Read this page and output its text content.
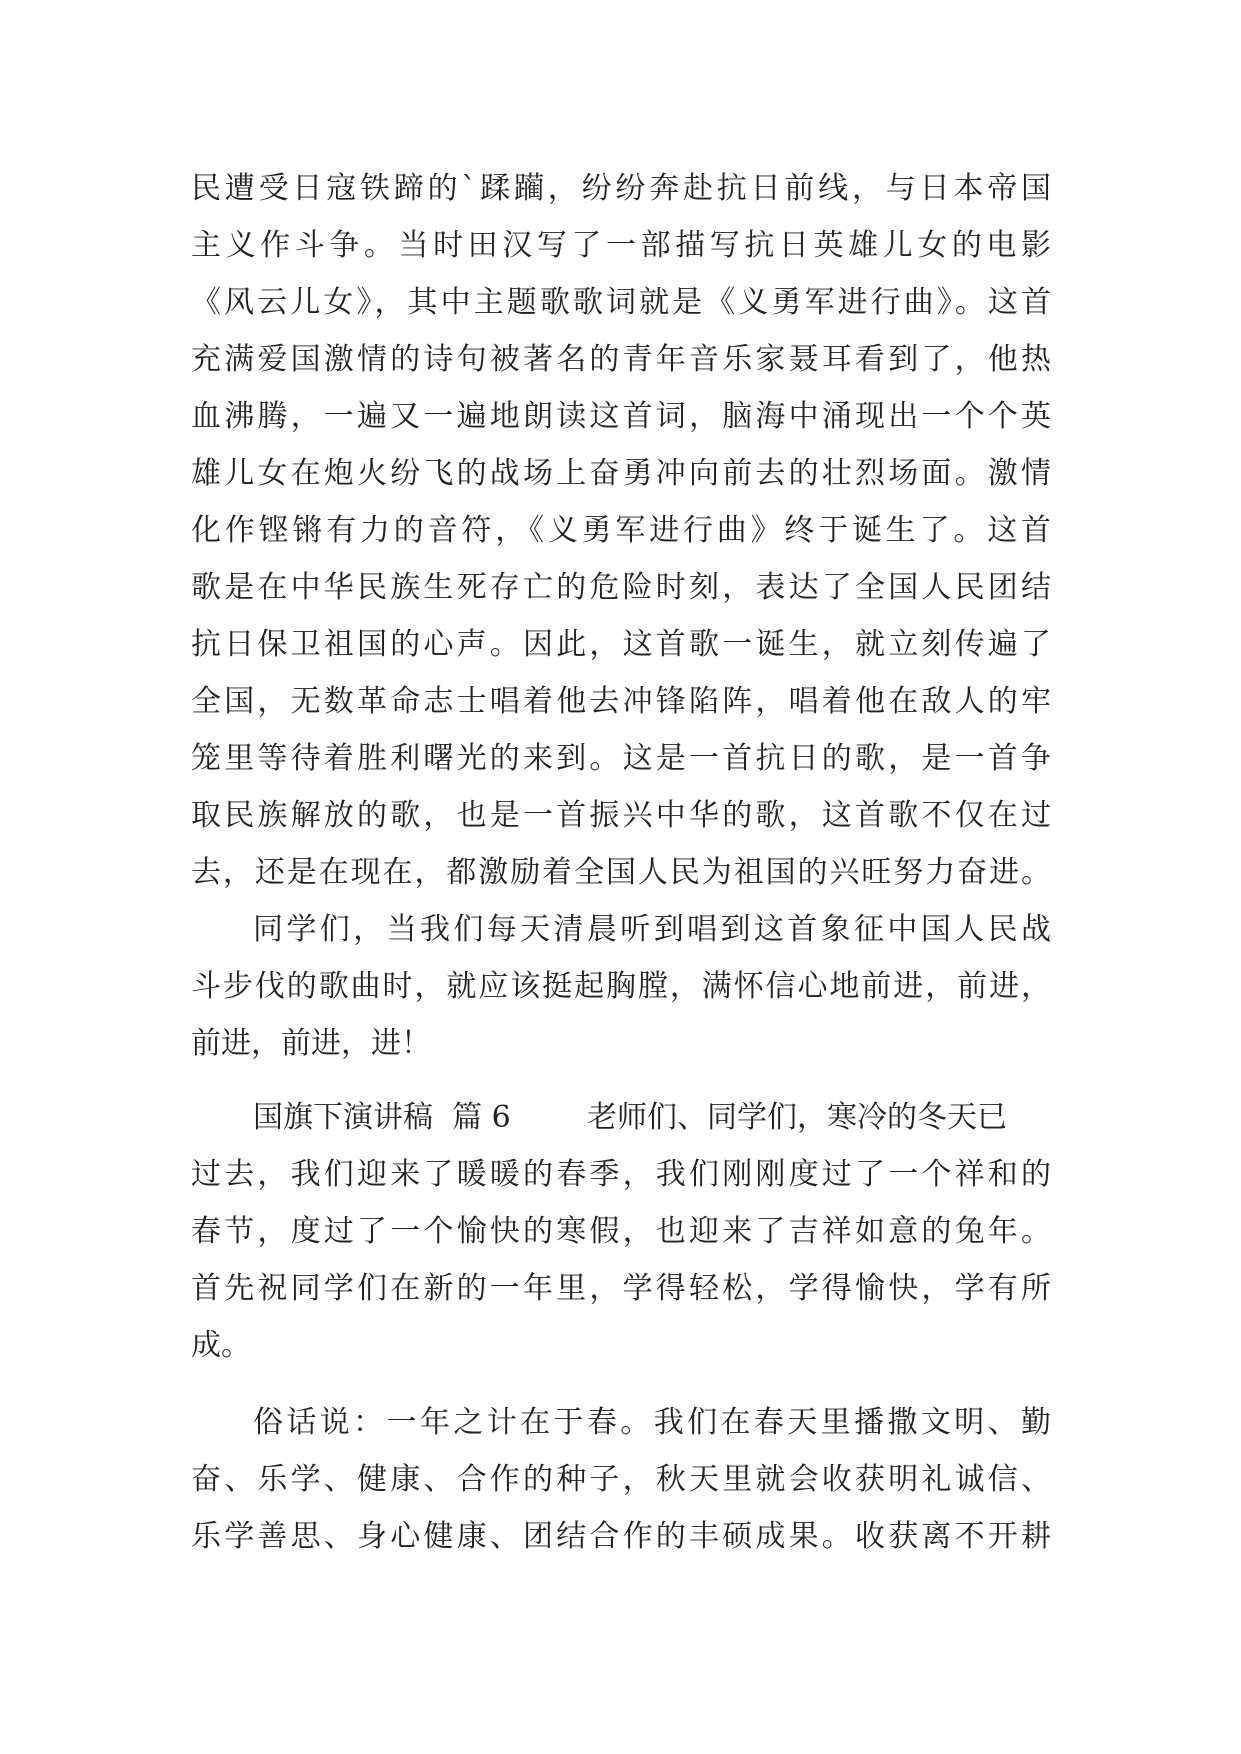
民遭受日寇铁蹄的`蹂躏，纷纷奔赴抗日前线，与日本帝国
主义作斗争。当时田汉写了一部描写抗日英雄儿女的电影
《风云儿女》，其中主题歌歌词就是《义勇军进行曲》。这首
充满爱国激情的诗句被著名的青年音乐家聂耳看到了，他热
血沸腾，一遍又一遍地朗读这首词，脑海中涌现出一个个英
雄儿女在炮火纷飞的战场上奋勇冲向前去的壮烈场面。激情
化作铿锵有力的音符，《义勇军进行曲》终于诞生了。这首
歌是在中华民族生死存亡的危险时刻，表达了全国人民团结
抗日保卫祖国的心声。因此，这首歌一诞生，就立刻传遍了
全国，无数革命志士唱着他去冲锋陷阵，唱着他在敌人的牢
笼里等待着胜利曙光的来到。这是一首抗日的歌，是一首争
取民族解放的歌，也是一首振兴中华的歌，这首歌不仅在过
去，还是在现在，都激励着全国人民为祖国的兴旺努力奋进。
同学们，当我们每天清晨听到唱到这首象征中国人民战
斗步伐的歌曲时，就应该挺起胸膛，满怀信心地前进，前进，
前进，前进，进！
国旗下演讲稿  篇 6        老师们、同学们，寒冷的冬天已
过去，我们迎来了暖暖的春季，我们刚刚度过了一个祥和的
春节，度过了一个愉快的寒假，也迎来了吉祥如意的兔年。
首先祝同学们在新的一年里，学得轻松，学得愉快，学有所
成。
俗话说：一年之计在于春。我们在春天里播撒文明、勤
奋、乐学、健康、合作的种子，秋天里就会收获明礼诚信、
乐学善思、身心健康、团结合作的丰硕成果。收获离不开耕
